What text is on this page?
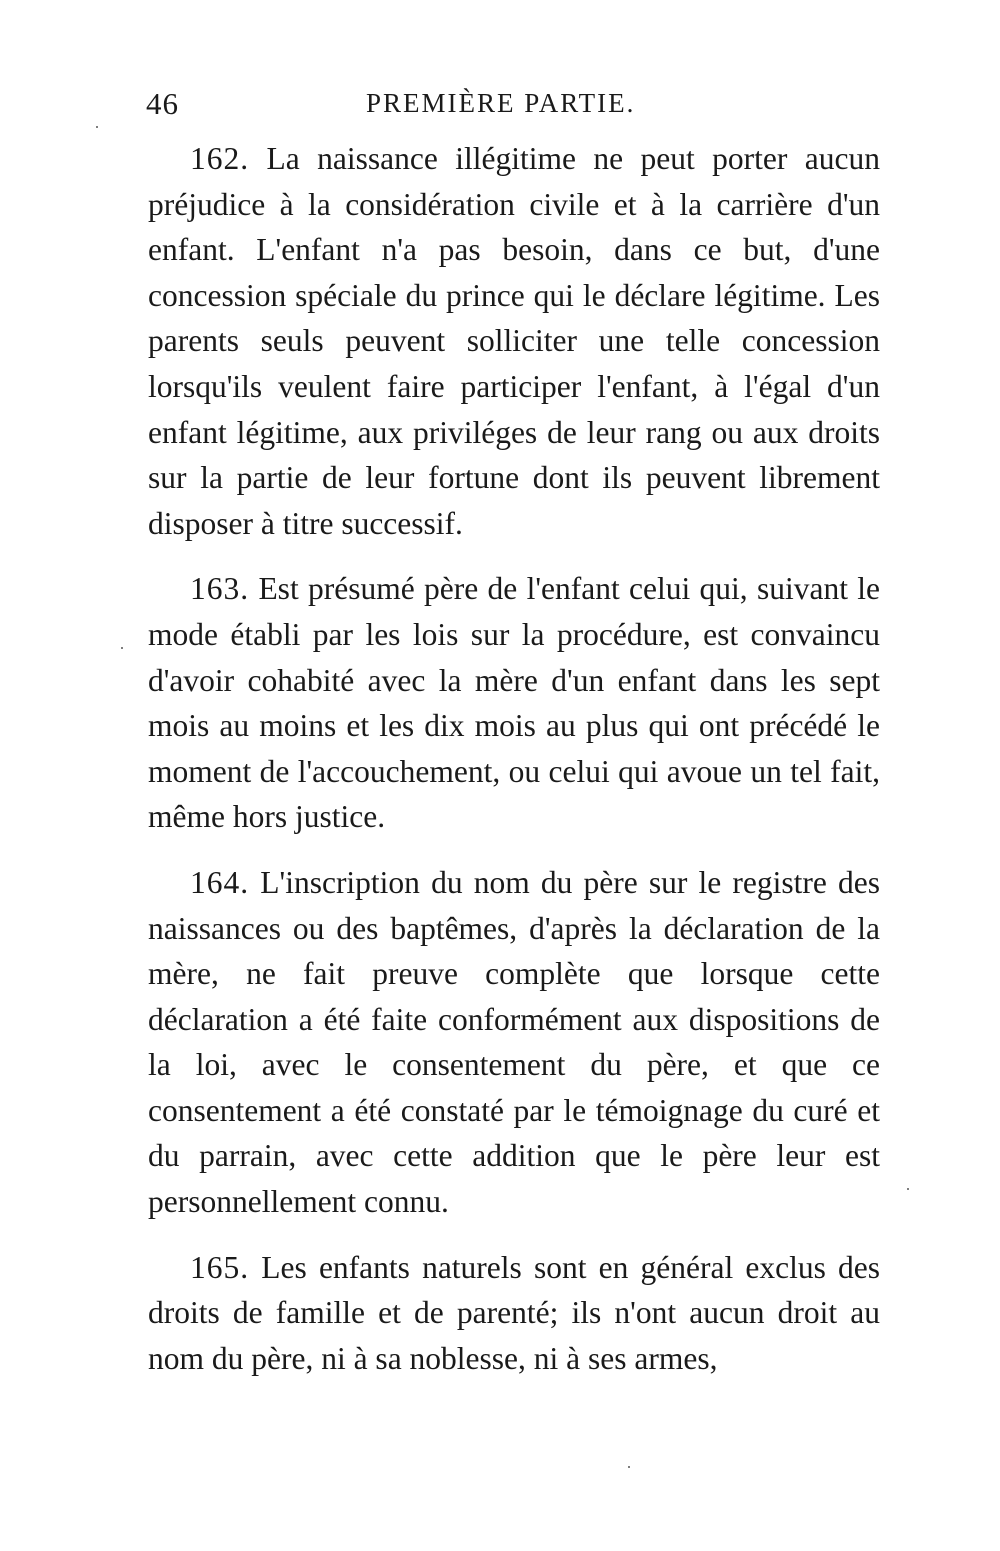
46	PREMIÈRE PARTIE.

162. La naissance illégitime ne peut porter aucun préjudice à la considération civile et à la carrière d'un enfant. L'enfant n'a pas besoin, dans ce but, d'une concession spéciale du prince qui le déclare légitime. Les parents seuls peuvent solliciter une telle concession lorsqu'ils veulent faire participer l'enfant, à l'égal d'un enfant légitime, aux priviléges de leur rang ou aux droits sur la partie de leur fortune dont ils peuvent librement disposer à titre successif.

163. Est présumé père de l'enfant celui qui, suivant le mode établi par les lois sur la procédure, est convaincu d'avoir cohabité avec la mère d'un enfant dans les sept mois au moins et les dix mois au plus qui ont précédé le moment de l'accouchement, ou celui qui avoue un tel fait, même hors justice.

164. L'inscription du nom du père sur le registre des naissances ou des baptêmes, d'après la déclaration de la mère, ne fait preuve complète que lorsque cette déclaration a été faite conformément aux dispositions de la loi, avec le consentement du père, et que ce consentement a été constaté par le témoignage du curé et du parrain, avec cette addition que le père leur est personnellement connu.

165. Les enfants naturels sont en général exclus des droits de famille et de parenté; ils n'ont aucun droit au nom du père, ni à sa noblesse, ni à ses armes,
